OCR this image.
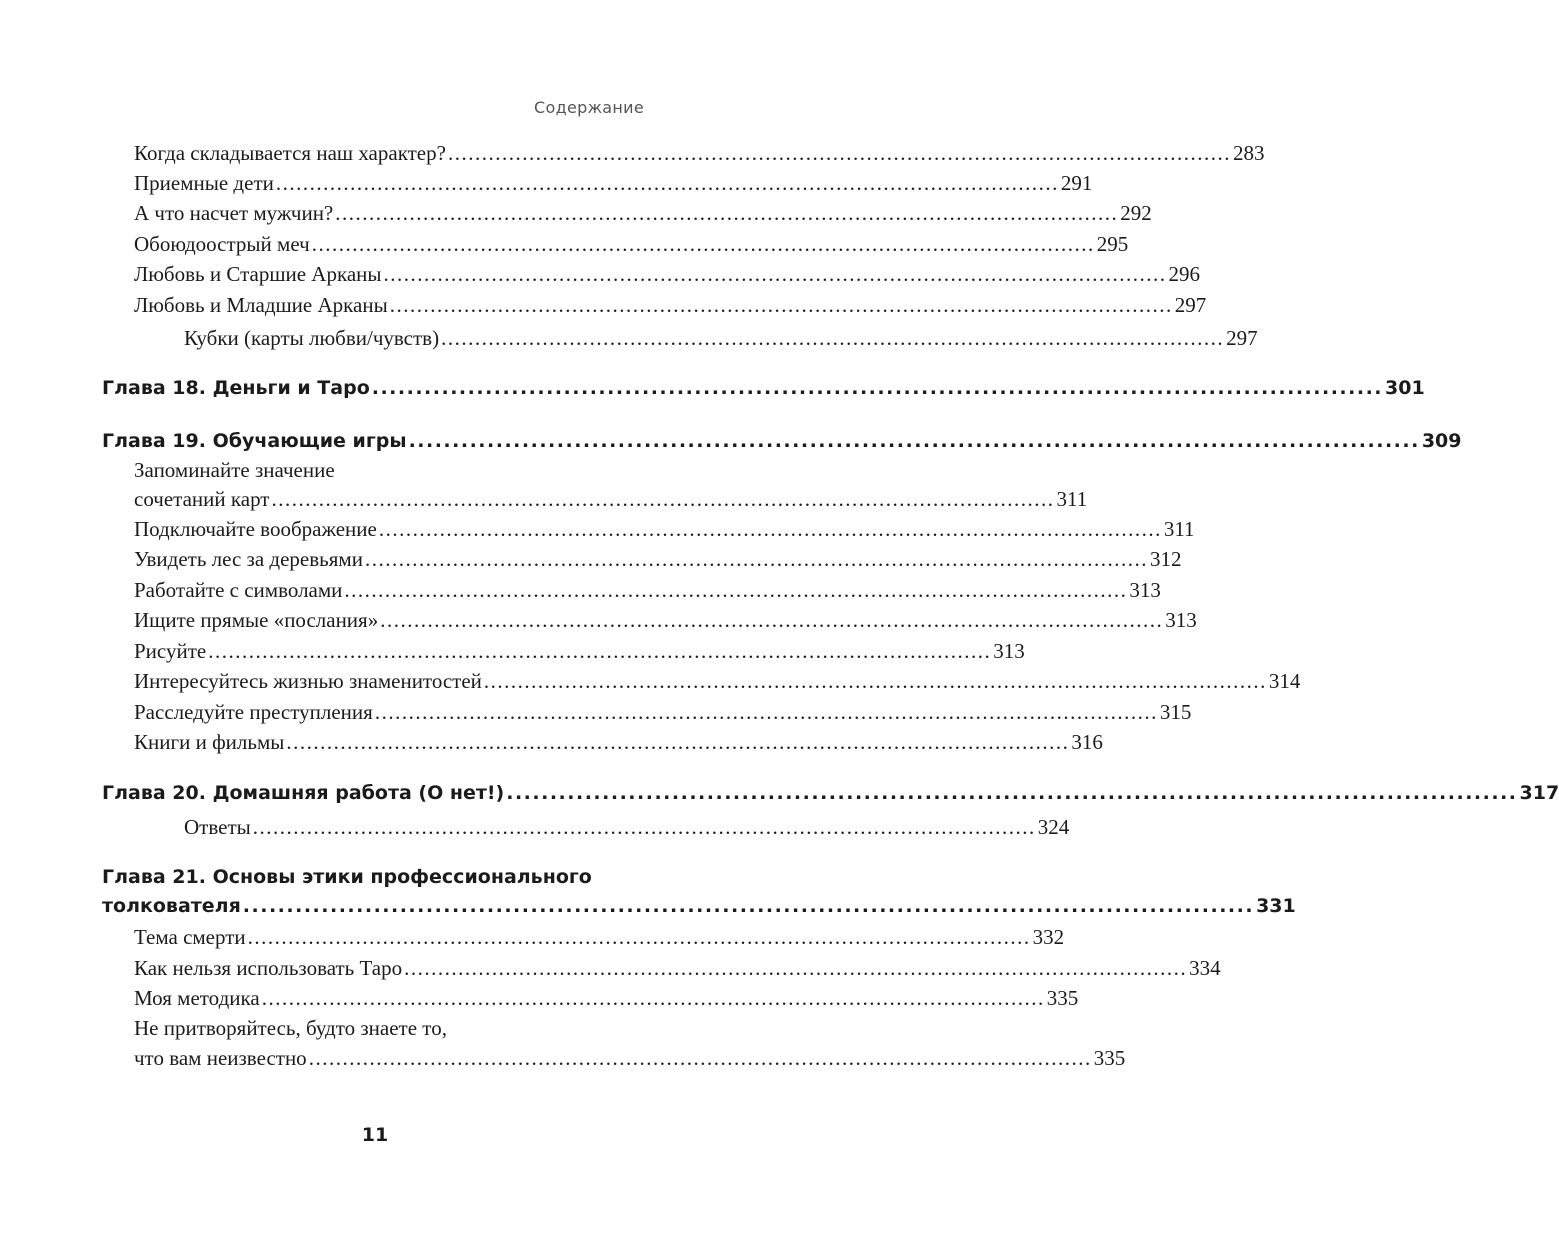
Содержание
Когда складывается наш характер? .................................................................................................................... 283
Приемные дети .................................................................................................................... 291
А что насчет мужчин? .................................................................................................................... 292
Обоюдоострый меч .................................................................................................................... 295
Любовь и Старшие Арканы .................................................................................................................... 296
Любовь и Младшие Арканы .................................................................................................................... 297
Кубки (карты любви/чувств) .................................................................................................................... 297
Глава 18. Деньги и Таро .................................................................................................................... 301
Глава 19. Обучающие игры .................................................................................................................... 309
Запоминайте значение
сочетаний карт .................................................................................................................... 311
Подключайте воображение .................................................................................................................... 311
Увидеть лес за деревьями .................................................................................................................... 312
Работайте с символами .................................................................................................................... 313
Ищите прямые «послания» .................................................................................................................... 313
Рисуйте .................................................................................................................... 313
Интересуйтесь жизнью знаменитостей .................................................................................................................... 314
Расследуйте преступления .................................................................................................................... 315
Книги и фильмы .................................................................................................................... 316
Глава 20. Домашняя работа (О нет!) .................................................................................................................... 317
Ответы .................................................................................................................... 324
Глава 21. Основы этики профессионального
толкователя .................................................................................................................... 331
Тема смерти .................................................................................................................... 332
Как нельзя использовать Таро .................................................................................................................... 334
Моя методика .................................................................................................................... 335
Не притворяйтесь, будто знаете то,
что вам неизвестно .................................................................................................................... 335
11
